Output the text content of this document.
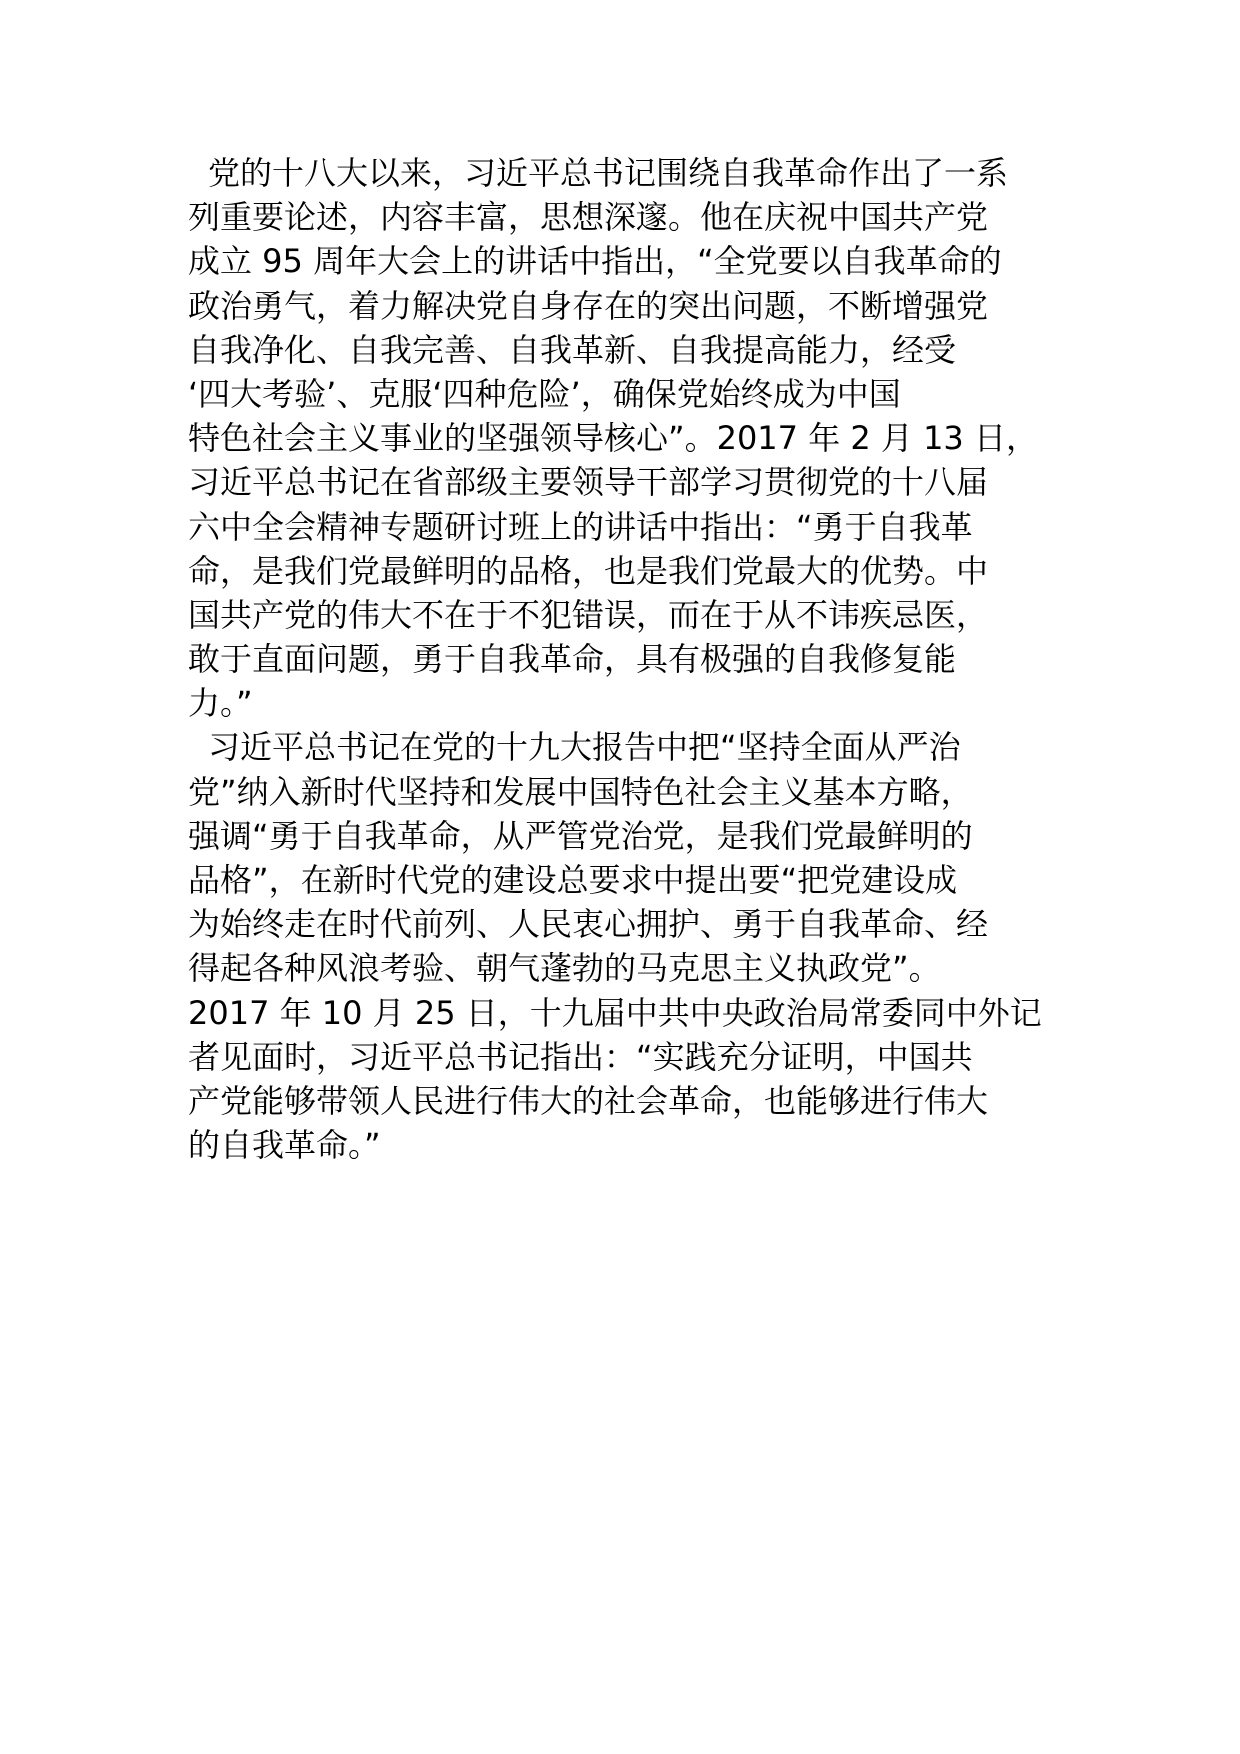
党的十八大以来，习近平总书记围绕自我革命作出了一系
列重要论述，内容丰富，思想深邃。他在庆祝中国共产党
成立 95 周年大会上的讲话中指出，“全党要以自我革命的
政治勇气，着力解决党自身存在的突出问题，不断增强党
自我净化、自我完善、自我革新、自我提高能力，经受
‘四大考验’、克服‘四种危险’，确保党始终成为中国
特色社会主义事业的坚强领导核心”。2017 年 2 月 13 日，
习近平总书记在省部级主要领导干部学习贯彻党的十八届
六中全会精神专题研讨班上的讲话中指出：“勇于自我革
命，是我们党最鲜明的品格，也是我们党最大的优势。中
国共产党的伟大不在于不犯错误，而在于从不讳疾忌医，
敢于直面问题，勇于自我革命，具有极强的自我修复能
力。”
习近平总书记在党的十九大报告中把“坚持全面从严治
党”纳入新时代坚持和发展中国特色社会主义基本方略，
强调“勇于自我革命，从严管党治党，是我们党最鲜明的
品格”，在新时代党的建设总要求中提出要“把党建设成
为始终走在时代前列、人民衷心拥护、勇于自我革命、经
得起各种风浪考验、朝气蓬勃的马克思主义执政党”。
2017 年 10 月 25 日，十九届中共中央政治局常委同中外记
者见面时，习近平总书记指出：“实践充分证明，中国共
产党能够带领人民进行伟大的社会革命，也能够进行伟大
的自我革命。”
